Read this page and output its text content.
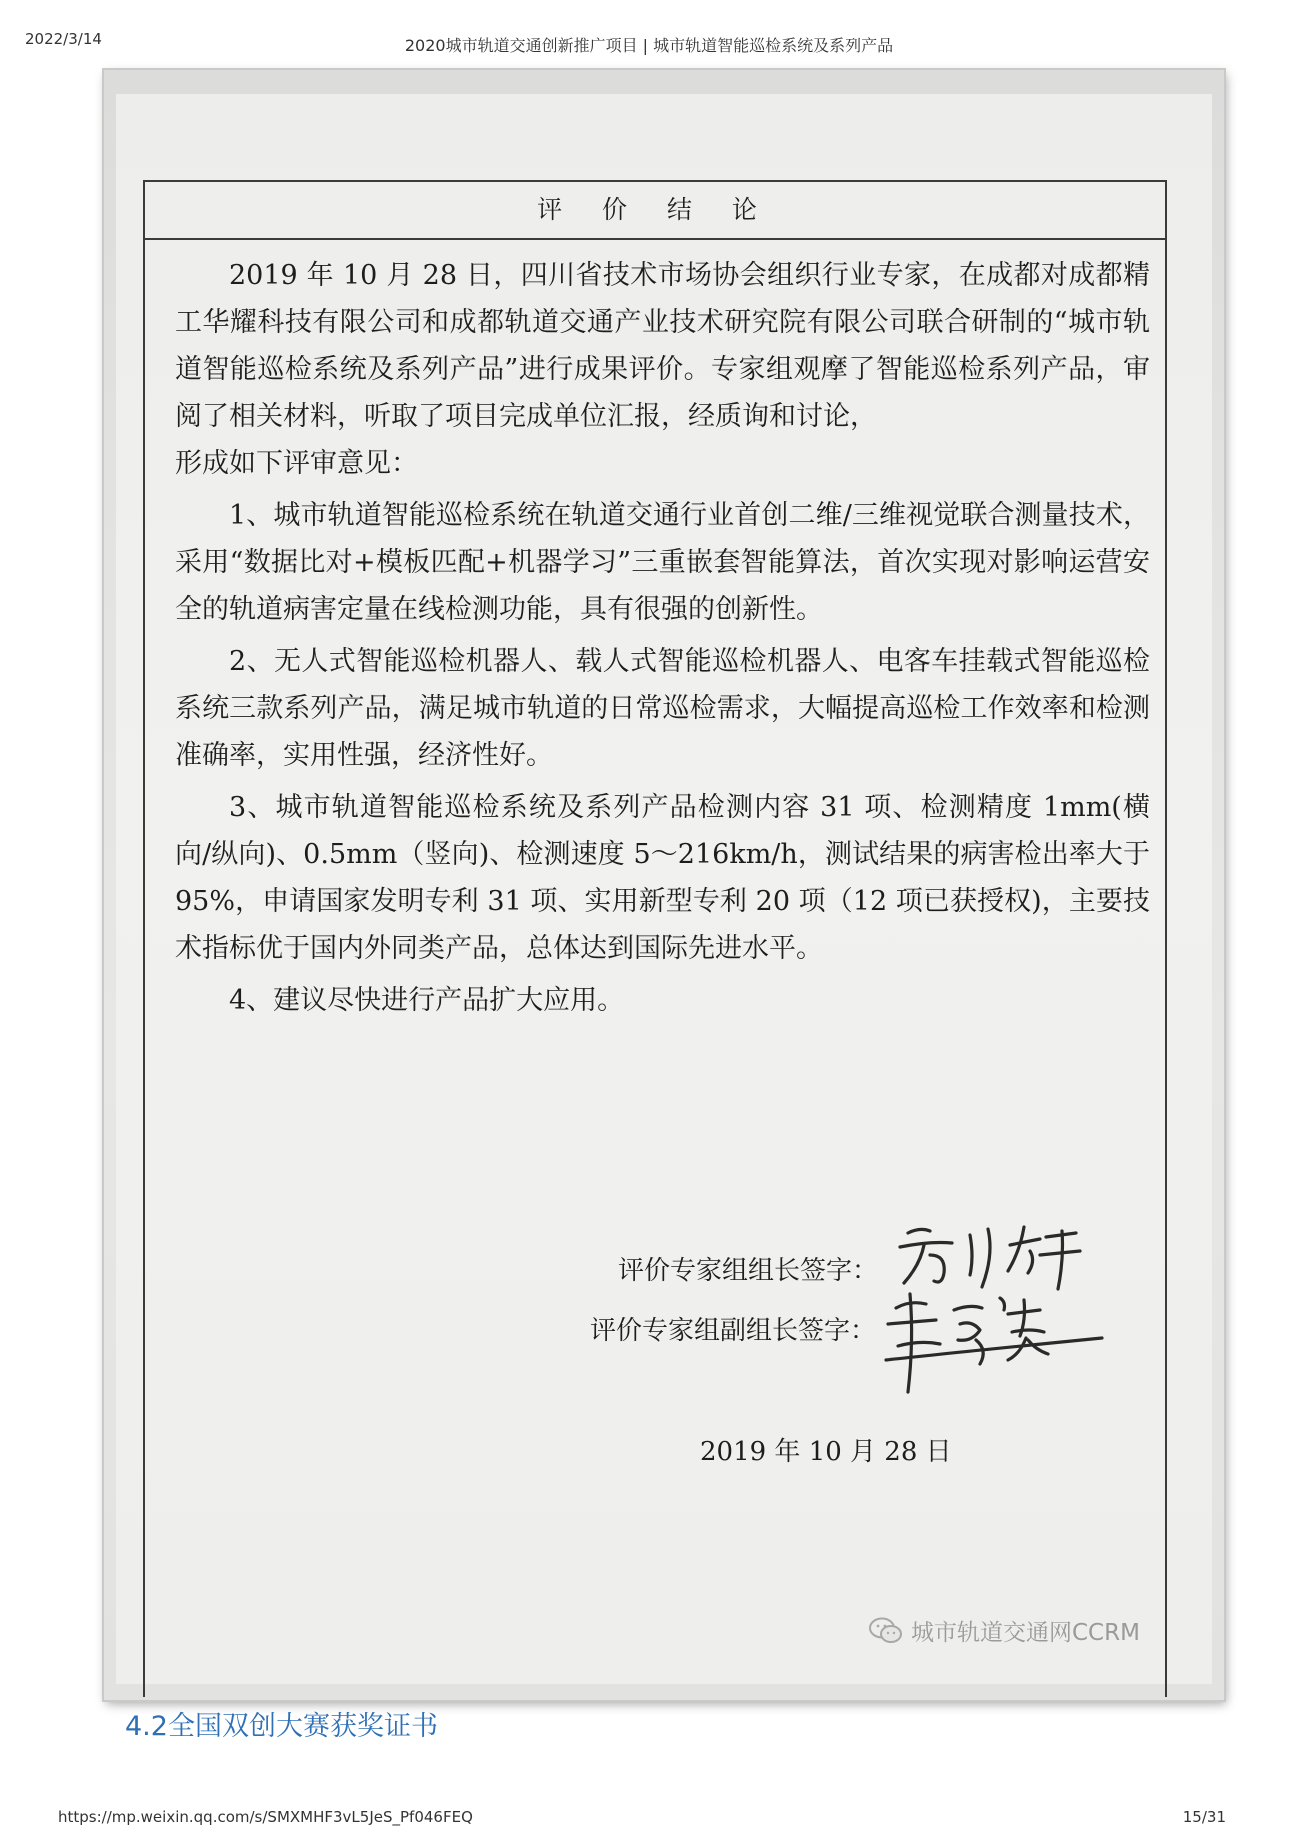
2022/3/14	2020城市轨道交通创新推广项目 | 城市轨道智能巡检系统及系列产品
评 价 结 论

2019 年 10 月 28 日，四川省技术市场协会组织行业专家，在成都对成都精工华耀科技有限公司和成都轨道交通产业技术研究院有限公司联合研制的“城市轨道智能巡检系统及系列产品”进行成果评价。专家组观摩了智能巡检系列产品，审阅了相关材料，听取了项目完成单位汇报，经质询和讨论，

形成如下评审意见：

1、城市轨道智能巡检系统在轨道交通行业首创二维/三维视觉联合测量技术，采用“数据比对+模板匹配+机器学习”三重嵌套智能算法，首次实现对影响运营安全的轨道病害定量在线检测功能，具有很强的创新性。

2、无人式智能巡检机器人、载人式智能巡检机器人、电客车挂载式智能巡检系统三款系列产品，满足城市轨道的日常巡检需求，大幅提高巡检工作效率和检测准确率，实用性强，经济性好。

3、城市轨道智能巡检系统及系列产品检测内容 31 项、检测精度 1mm(横向/纵向)、0.5mm（竖向)、检测速度 5～216km/h，测试结果的病害检出率大于 95%，申请国家发明专利 31 项、实用新型专利 20 项（12 项已获授权)，主要技术指标优于国内外同类产品，总体达到国际先进水平。

4、建议尽快进行产品扩大应用。

评价专家组组长签字：
评价专家组副组长签字：
2019 年 10 月 28 日
城市轨道交通网CCRM
4.2全国双创大赛获奖证书
https://mp.weixin.qq.com/s/SMXMHF3vL5JeS_Pf046FEQ	15/31
